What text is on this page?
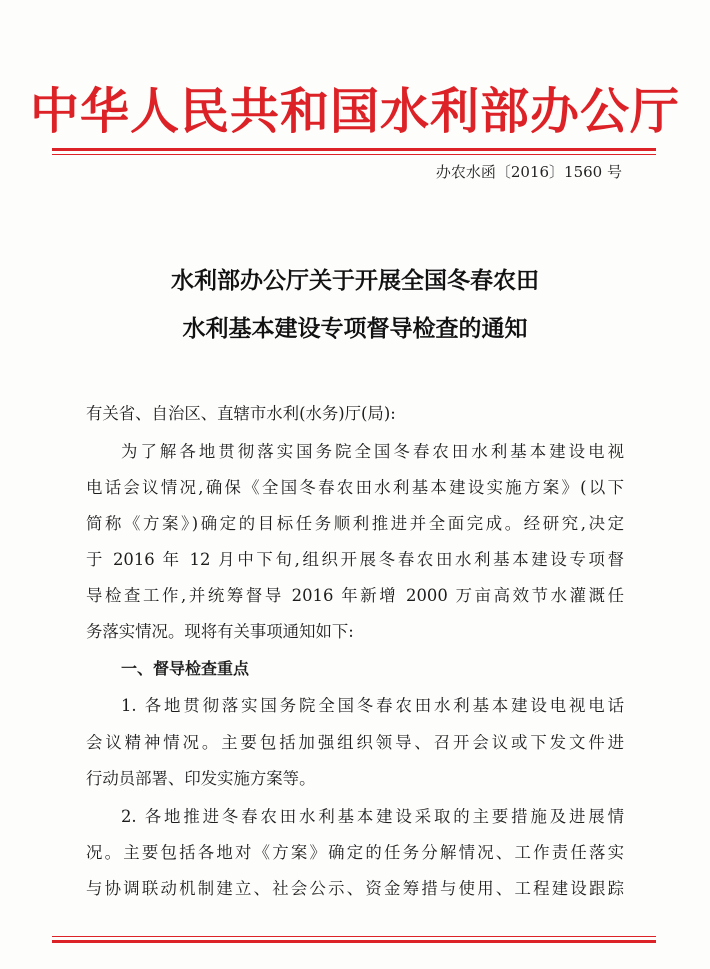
中华人民共和国水利部办公厅
办农水函〔2016〕1560 号
水利部办公厅关于开展全国冬春农田
水利基本建设专项督导检查的通知
有关省、自治区、直辖市水利(水务)厅(局):
为了解各地贯彻落实国务院全国冬春农田水利基本建设电视
电话会议情况,确保《全国冬春农田水利基本建设实施方案》(以下
简称《方案》)确定的目标任务顺利推进并全面完成。经研究,决定
于 2016 年 12 月中下旬,组织开展冬春农田水利基本建设专项督
导检查工作,并统筹督导 2016 年新增 2000 万亩高效节水灌溉任
务落实情况。现将有关事项通知如下:
一、督导检查重点
1. 各地贯彻落实国务院全国冬春农田水利基本建设电视电话
会议精神情况。主要包括加强组织领导、召开会议或下发文件进
行动员部署、印发实施方案等。
2. 各地推进冬春农田水利基本建设采取的主要措施及进展情
况。主要包括各地对《方案》确定的任务分解情况、工作责任落实
与协调联动机制建立、社会公示、资金筹措与使用、工程建设跟踪
